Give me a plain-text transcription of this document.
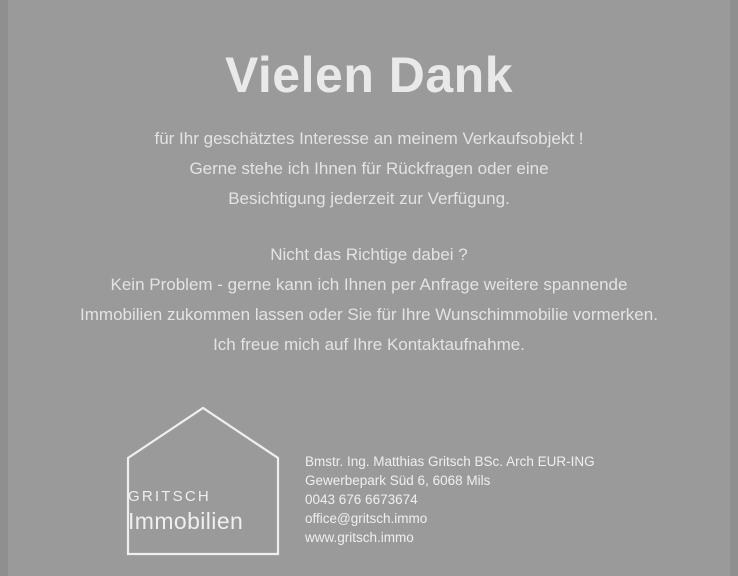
Vielen Dank

für Ihr geschätztes Interesse an meinem Verkaufsobjekt !

Gerne stehe ich Ihnen für Rückfragen oder eine

Besichtigung jederzeit zur Verfügung.

Nicht das Richtige dabei ?

Kein Problem - gerne kann ich Ihnen per Anfrage weitere spannende

Immobilien zukommen lassen oder Sie für Ihre Wunschimmobilie vormerken.

Ich freue mich auf Ihre Kontaktaufnahme.

GRITSCH
Immobilien
Bmstr. Ing. Matthias Gritsch BSc. Arch EUR-ING
Gewerbepark Süd 6, 6068 Mils
0043 676 6673674
office@gritsch.immo
www.gritsch.immo
